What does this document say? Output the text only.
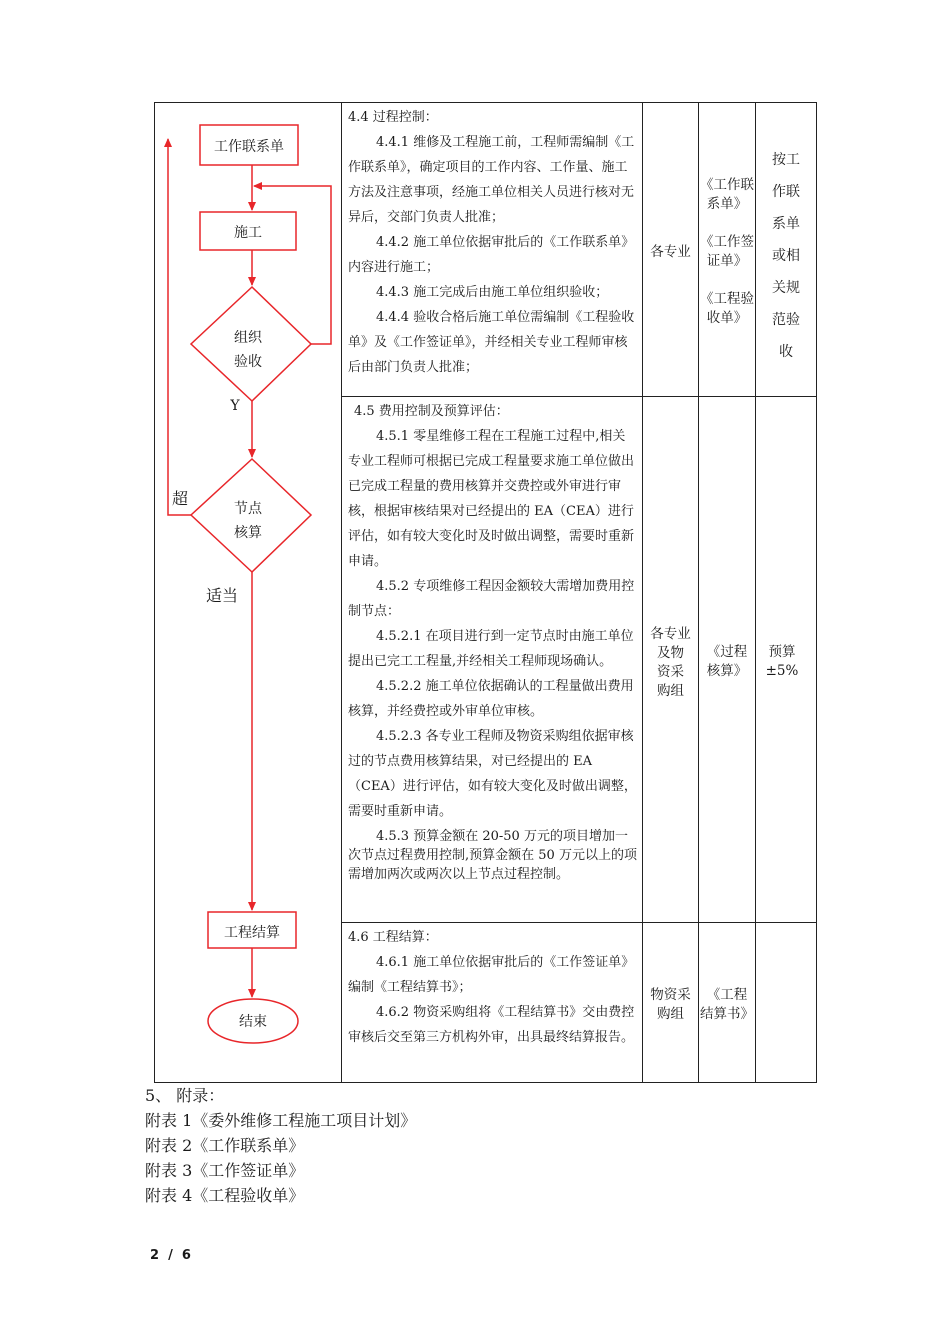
工作联系单
施工
组织
验收
Y
节点
核算
超
适当
工程结算
结束

4.4 过程控制：

4.4.1 维修及工程施工前，工程师需编制《工作联系单》，确定项目的工作内容、工作量、施工方法及注意事项，经施工单位相关人员进行核对无异后，交部门负责人批准；

4.4.2 施工单位依据审批后的《工作联系单》内容进行施工；

4.4.3 施工完成后由施工单位组织验收；

4.4.4 验收合格后施工单位需编制《工程验收单》及《工作签证单》，并经相关专业工程师审核后由部门负责人批准；

各专业
《工作联系单》
《工作签证单》
《工程验收单》
按工
作联
系单
或相
关规
范验
收

4.5 费用控制及预算评估：

4.5.1 零星维修工程在工程施工过程中,相关专业工程师可根据已完成工程量要求施工单位做出已完成工程量的费用核算并交费控或外审进行审核，根据审核结果对已经提出的 EA（CEA）进行评估，如有较大变化时及时做出调整，需要时重新申请。

4.5.2 专项维修工程因金额较大需增加费用控制节点：

4.5.2.1 在项目进行到一定节点时由施工单位提出已完工工程量,并经相关工程师现场确认。

4.5.2.2 施工单位依据确认的工程量做出费用核算，并经费控或外审单位审核。

4.5.2.3 各专业工程师及物资采购组依据审核过的节点费用核算结果，对已经提出的 EA（CEA）进行评估，如有较大变化及时做出调整，需要时重新申请。

4.5.3 预算金额在 20-50 万元的项目增加一次节点过程费用控制,预算金额在 50 万元以上的项需增加两次或两次以上节点过程控制。

各专业
及物
资采
购组
《过程
核算》
预算
±5%

4.6 工程结算：

4.6.1 施工单位依据审批后的《工作签证单》编制《工程结算书》；

4.6.2 物资采购组将《工程结算书》交由费控审核后交至第三方机构外审，出具最终结算报告。

物资采
购组
《工程
结算书》
5、 附录：
附表 1《委外维修工程施工项目计划》
附表 2《工作联系单》
附表 3《工作签证单》
附表 4《工程验收单》
2  /  6
